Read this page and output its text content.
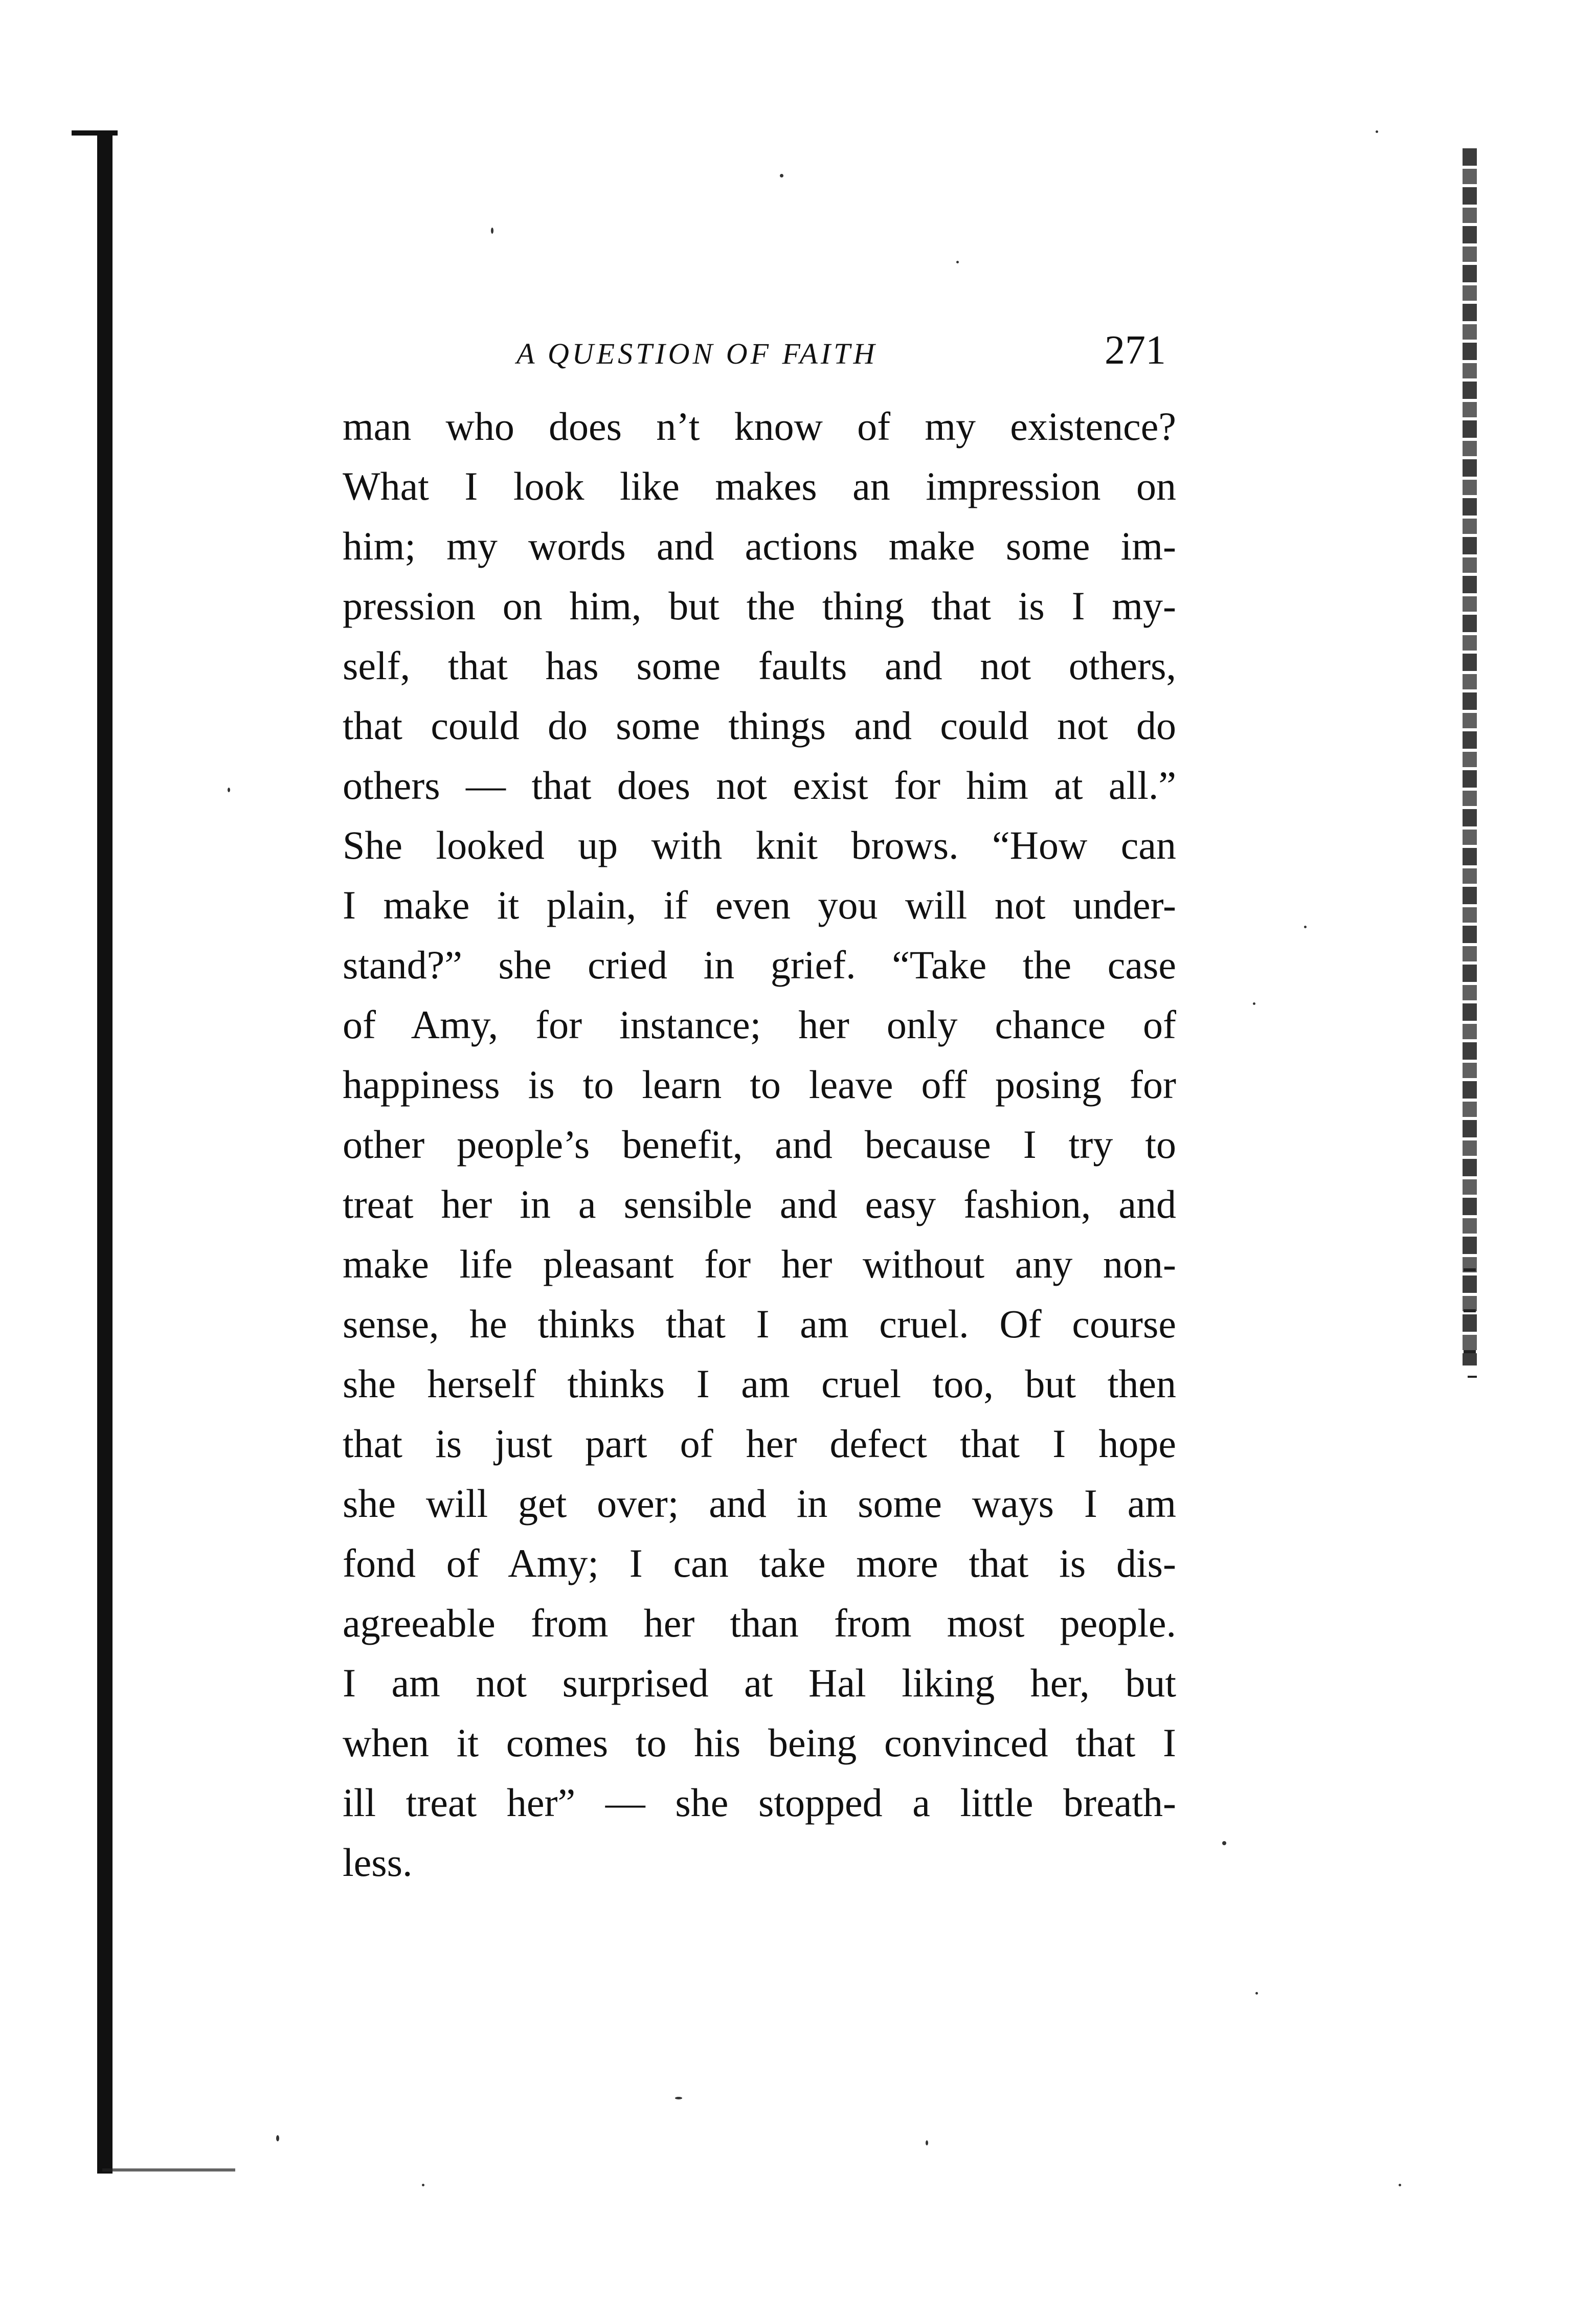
A QUESTION OF FAITH	271
man who does n’t know of my existence?
What I look like makes an impression on
him; my words and actions make some im-
pression on him, but the thing that is I my-
self, that has some faults and not others,
that could do some things and could not do
others — that does not exist for him at all.”
She looked up with knit brows. “How can
I make it plain, if even you will not under-
stand?” she cried in grief. “Take the case
of Amy, for instance; her only chance of
happiness is to learn to leave off posing for
other people’s benefit, and because I try to
treat her in a sensible and easy fashion, and
make life pleasant for her without any non-
sense, he thinks that I am cruel. Of course
she herself thinks I am cruel too, but then
that is just part of her defect that I hope
she will get over; and in some ways I am
fond of Amy; I can take more that is dis-
agreeable from her than from most people.
I am not surprised at Hal liking her, but
when it comes to his being convinced that I
ill treat her” — she stopped a little breath-
less.
